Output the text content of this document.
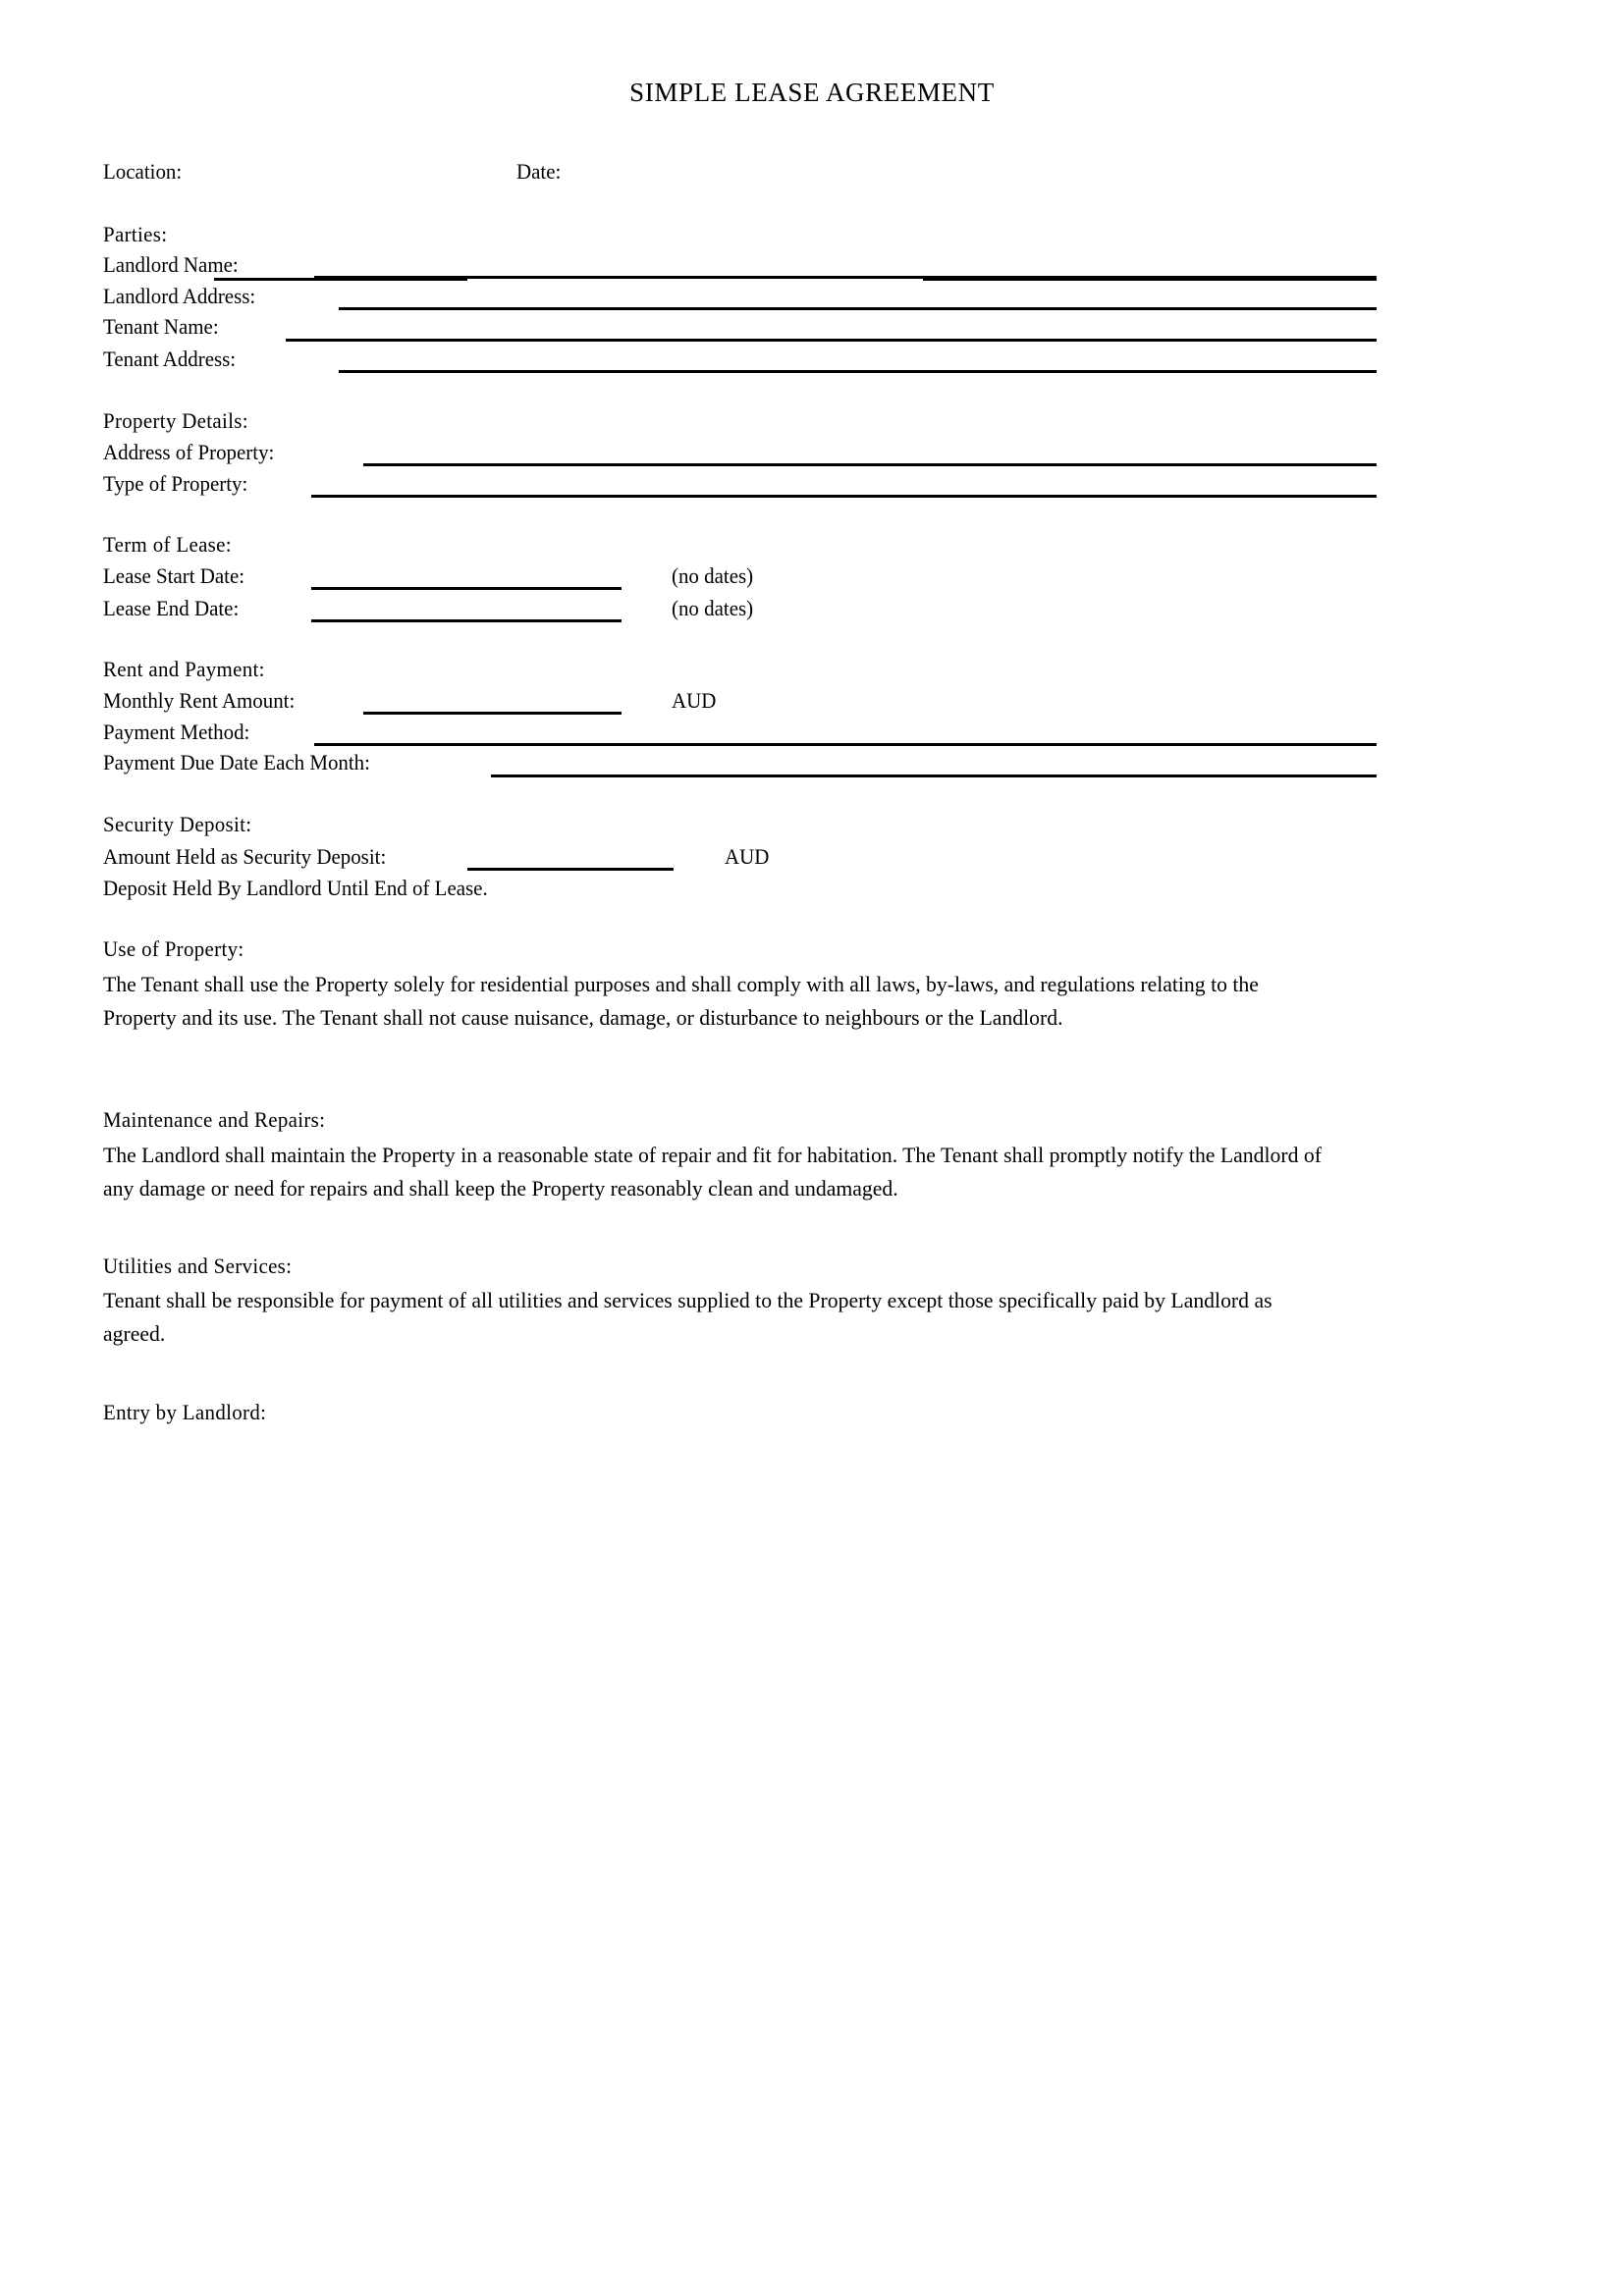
SIMPLE LEASE AGREEMENT
Location:	Date:
Parties:
Landlord Name:
Landlord Address:
Tenant Name:
Tenant Address:
Property Details:
Address of Property:
Type of Property:
Term of Lease:
Lease Start Date:	(no dates)
Lease End Date:	(no dates)
Rent and Payment:
Monthly Rent Amount:	AUD
Payment Method:
Payment Due Date Each Month:
Security Deposit:
Amount Held as Security Deposit:	AUD
Deposit Held By Landlord Until End of Lease.
Use of Property:

The Tenant shall use the Property solely for residential purposes and shall comply with all laws, by-laws, and regulations relating to the Property and its use. The Tenant shall not cause nuisance, damage, or disturbance to neighbours or the Landlord.

Maintenance and Repairs:

The Landlord shall maintain the Property in a reasonable state of repair and fit for habitation. The Tenant shall promptly notify the Landlord of any damage or need for repairs and shall keep the Property reasonably clean and undamaged.

Utilities and Services:

Tenant shall be responsible for payment of all utilities and services supplied to the Property except those specifically paid by Landlord as agreed.

Entry by Landlord:
